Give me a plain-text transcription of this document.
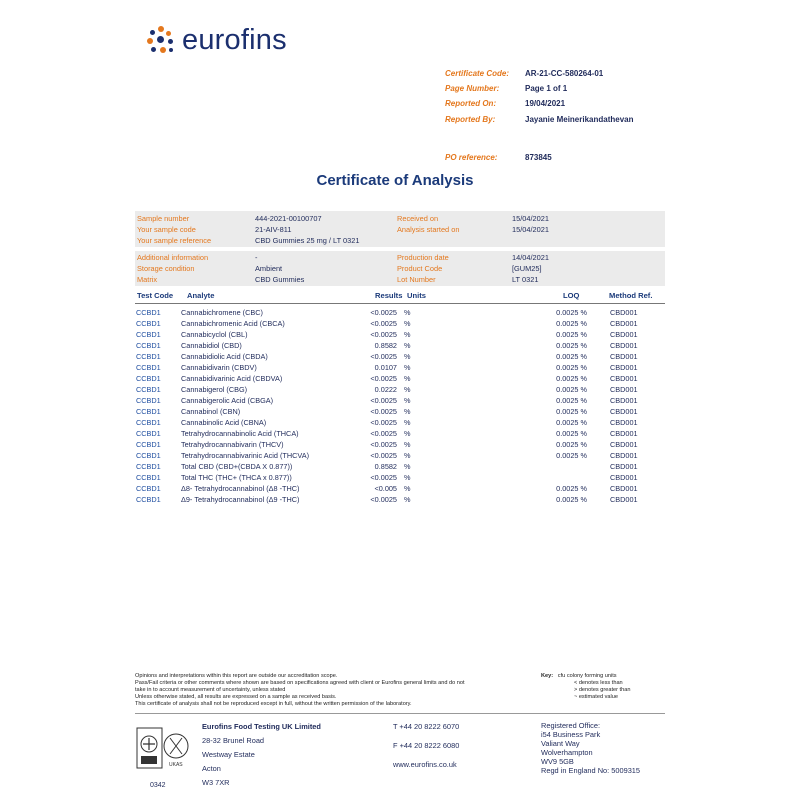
eurofins
Certificate Code:	AR-21-CC-580264-01
Page Number:	Page 1 of 1
Reported On:	19/04/2021
Reported By:	Jayanie Meinerikandathevan
PO reference:	873845
Certificate of Analysis
Sample number	444-2021-00100707	Received on	15/04/2021
Your sample code	21-AIV-811	Analysis started on	15/04/2021
Your sample reference	CBD Gummies 25 mg / LT 0321
Additional information	-	Production date	14/04/2021
Storage condition	Ambient	Product Code	[GUM25]
Matrix	CBD Gummies	Lot Number	LT 0321
Test Code Analyte	Results Units	LOQ	Method Ref.
CCBD1	Cannabichromene (CBC)	<0.0025 %	0.0025 %	CBD001
CCBD1	Cannabichromenic Acid (CBCA)	<0.0025 %	0.0025 %	CBD001
CCBD1	Cannabicyclol (CBL)	<0.0025 %	0.0025 %	CBD001
CCBD1	Cannabidiol (CBD)	0.8582 %	0.0025 %	CBD001
CCBD1	Cannabidiolic Acid (CBDA)	<0.0025 %	0.0025 %	CBD001
CCBD1	Cannabidivarin (CBDV)	0.0107 %	0.0025 %	CBD001
CCBD1	Cannabidivarinic Acid (CBDVA)	<0.0025 %	0.0025 %	CBD001
CCBD1	Cannabigerol (CBG)	0.0222 %	0.0025 %	CBD001
CCBD1	Cannabigerolic Acid (CBGA)	<0.0025 %	0.0025 %	CBD001
CCBD1	Cannabinol (CBN)	<0.0025 %	0.0025 %	CBD001
CCBD1	Cannabinolic Acid (CBNA)	<0.0025 %	0.0025 %	CBD001
CCBD1	Tetrahydrocannabinolic Acid (THCA)	<0.0025 %	0.0025 %	CBD001
CCBD1	Tetrahydrocannabivarin (THCV)	<0.0025 %	0.0025 %	CBD001
CCBD1	Tetrahydrocannabivarinic Acid (THCVA)	<0.0025 %	0.0025 %	CBD001
CCBD1	Total CBD (CBD+(CBDA X 0.877))	0.8582 %	CBD001
CCBD1	Total THC (THC+ (THCA x 0.877))	<0.0025 %	CBD001
CCBD1	Δ8- Tetrahydrocannabinol (Δ8 -THC)	<0.005 %	0.0025 %	CBD001
CCBD1	Δ9- Tetrahydrocannabinol (Δ9 -THC)	<0.0025 %	0.0025 %	CBD001
Opinions and interpretations within this report are outside our accreditation scope.
Pass/Fail criteria or other comments where shown are based on specifications agreed with client or Eurofins general limits and do not
take in to account measurement of uncertainty, unless stated
Unless otherwise stated, all results are expressed on a sample as received basis.
This certificate of analysis shall not be reproduced except in full, without the written permission of the laboratory.
Key: cfu colony forming units
< denotes less than
> denotes greater than
~ estimated value
UKAS
0342
Eurofins Food Testing UK Limited
28-32 Brunel Road
Westway Estate
Acton
W3 7XR
T +44 20 8222 6070
F +44 20 8222 6080
www.eurofins.co.uk
Registered Office:
i54 Business Park
Valiant Way
Wolverhampton
WV9 5GB
Regd in England No: 5009315
